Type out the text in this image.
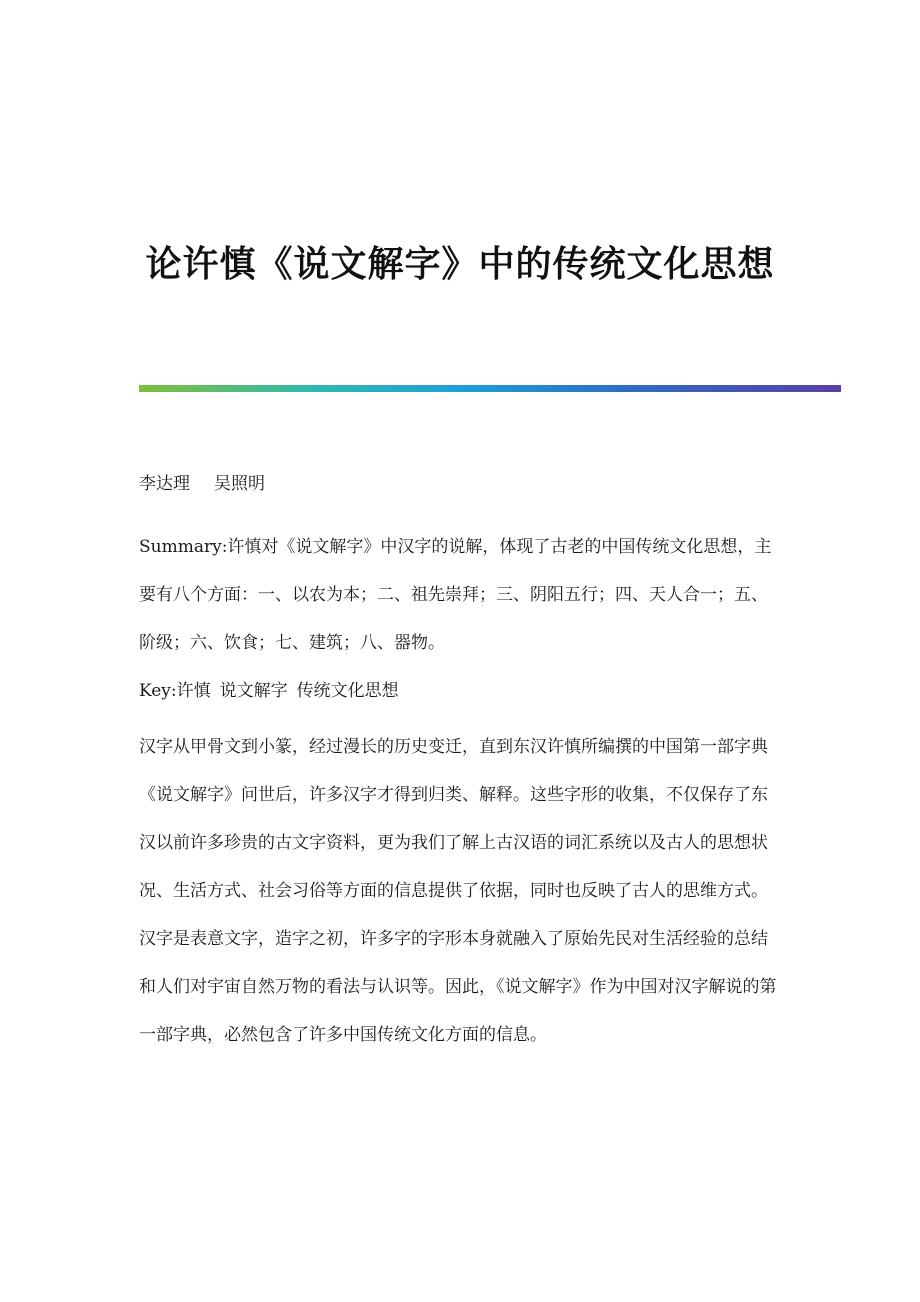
论许慎《说文解字》中的传统文化思想
李达理 吴照明
Summary:许慎对《说文解字》中汉字的说解，体现了古老的中国传统文化思想，主要有八个方面：一、以农为本；二、祖先崇拜；三、阴阳五行；四、天人合一；五、阶级；六、饮食；七、建筑；八、器物。
Key:许慎 说文解字 传统文化思想
汉字从甲骨文到小篆，经过漫长的历史变迁，直到东汉许慎所编撰的中国第一部字典《说文解字》问世后，许多汉字才得到归类、解释。这些字形的收集，不仅保存了东汉以前许多珍贵的古文字资料，更为我们了解上古汉语的词汇系统以及古人的思想状况、生活方式、社会习俗等方面的信息提供了依据，同时也反映了古人的思维方式。汉字是表意文字，造字之初，许多字的字形本身就融入了原始先民对生活经验的总结和人们对宇宙自然万物的看法与认识等。因此，《说文解字》作为中国对汉字解说的第一部字典，必然包含了许多中国传统文化方面的信息。
